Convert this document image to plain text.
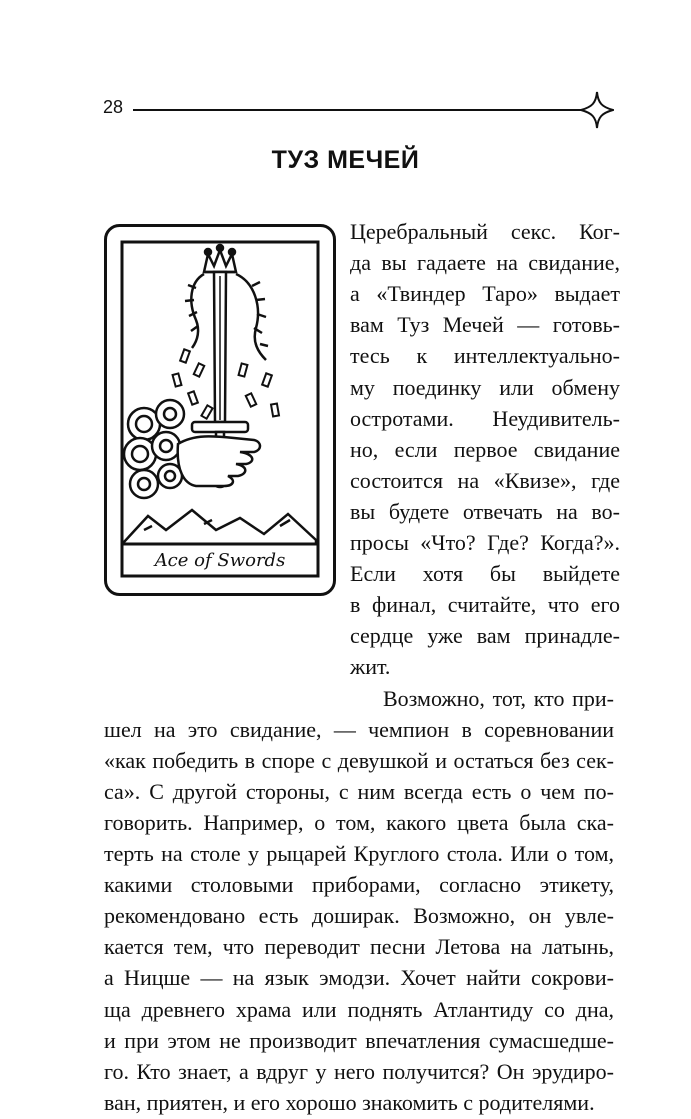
28
ТУЗ МЕЧЕЙ
Ace of Swords
Церебральный секс. Ког-
да вы гадаете на свидание,
а «Твиндер Таро» выдает
вам Туз Мечей — готовь-
тесь к интеллектуально-
му поединку или обмену
остротами. Неудивитель-
но, если первое свидание
состоится на «Квизе», где
вы будете отвечать на во-
просы «Что? Где? Когда?».
Если хотя бы выйдете
в финал, считайте, что его
сердце уже вам принадле-
жит.
Возможно, тот, кто при-
шел на это свидание, — чемпион в соревновании
«как победить в споре с девушкой и остаться без сек-
са». С другой стороны, с ним всегда есть о чем по-
говорить. Например, о том, какого цвета была ска-
терть на столе у рыцарей Круглого стола. Или о том,
какими столовыми приборами, согласно этикету,
рекомендовано есть доширак. Возможно, он увле-
кается тем, что переводит песни Летова на латынь,
а Ницше — на язык эмодзи. Хочет найти сокрови-
ща древнего храма или поднять Атлантиду со дна,
и при этом не производит впечатления сумасшедше-
го. Кто знает, а вдруг у него получится? Он эрудиро-
ван, приятен, и его хорошо знакомить с родителями.
